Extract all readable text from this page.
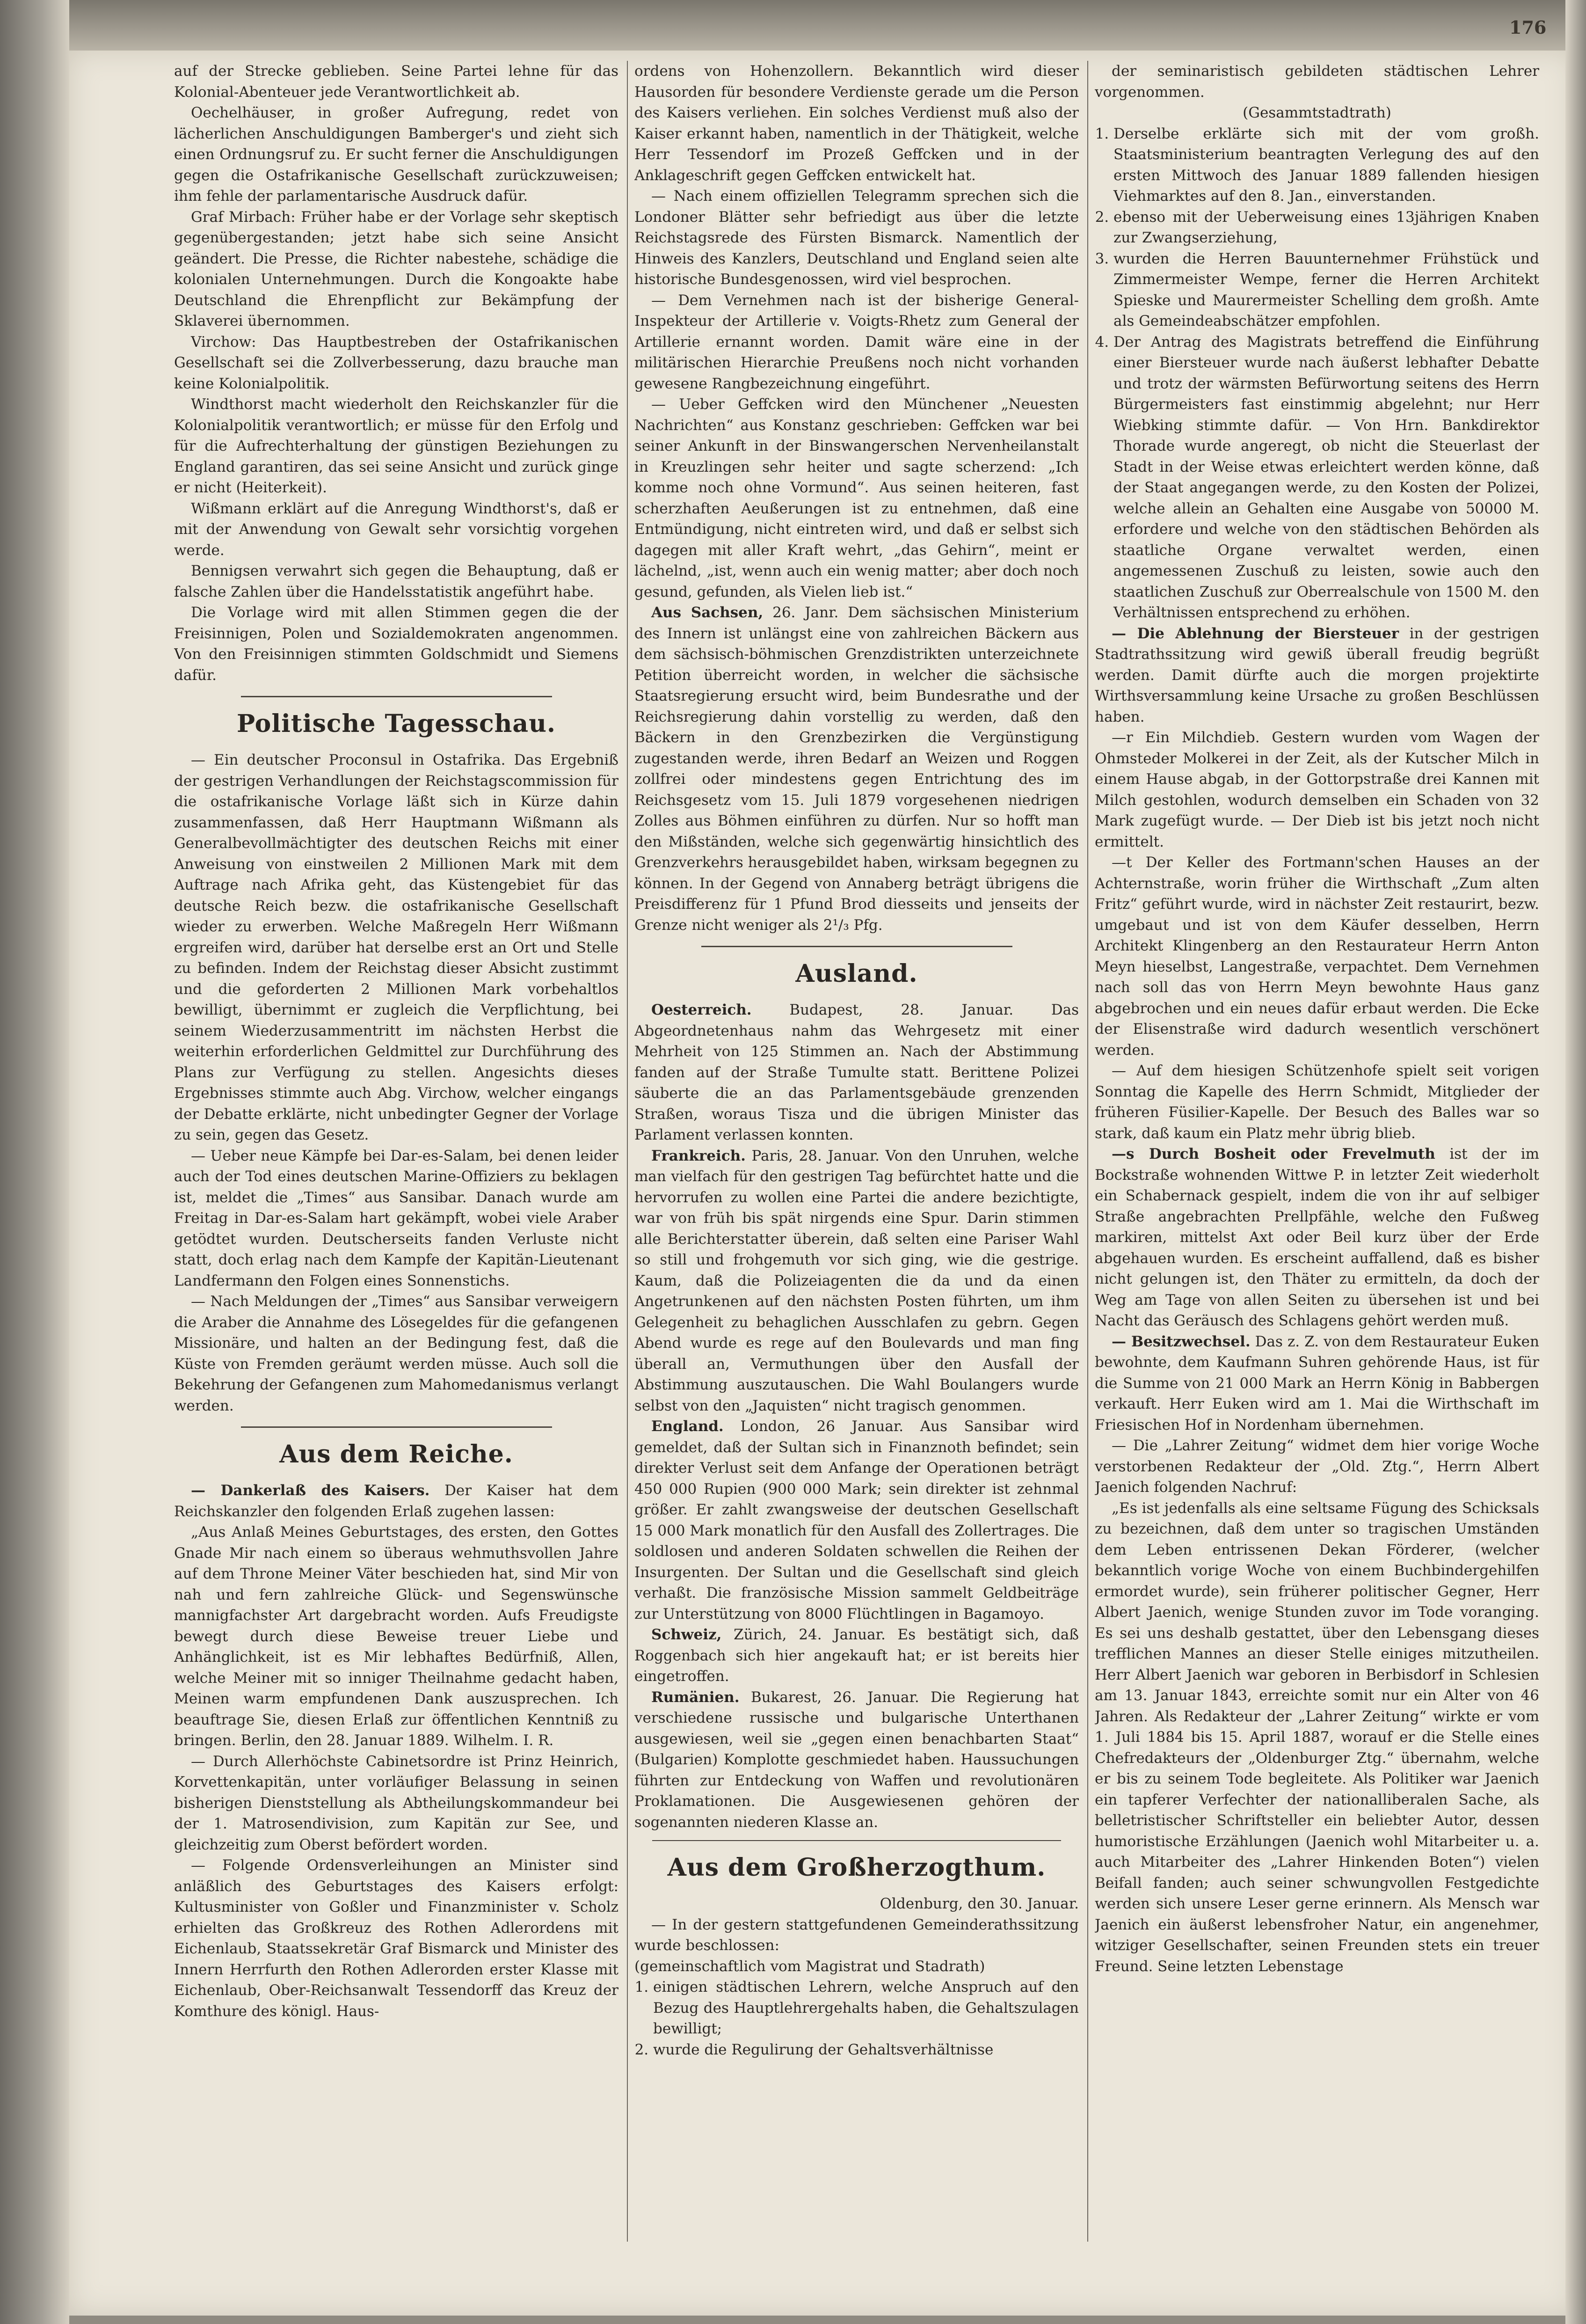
176

auf der Strecke geblieben. Seine Partei lehne für das Kolonial-Abenteuer jede Verantwortlichkeit ab.

Oechelhäuser, in großer Aufregung, redet von lächerlichen Anschuldigungen Bamberger's und zieht sich einen Ordnungsruf zu. Er sucht ferner die Anschuldigungen gegen die Ostafrikanische Gesellschaft zurückzuweisen; ihm fehle der parlamentarische Ausdruck dafür.

Graf Mirbach: Früher habe er der Vorlage sehr skeptisch gegenübergestanden; jetzt habe sich seine Ansicht geändert. Die Presse, die Richter nabestehe, schädige die kolonialen Unternehmungen. Durch die Kongoakte habe Deutschland die Ehrenpflicht zur Bekämpfung der Sklaverei übernommen.

Virchow: Das Hauptbestreben der Ostafrikanischen Gesellschaft sei die Zollverbesserung, dazu brauche man keine Kolonialpolitik.

Windthorst macht wiederholt den Reichskanzler für die Kolonialpolitik verantwortlich; er müsse für den Erfolg und für die Aufrechterhaltung der günstigen Beziehungen zu England garantiren, das sei seine Ansicht und zurück ginge er nicht (Heiterkeit).

Wißmann erklärt auf die Anregung Windthorst's, daß er mit der Anwendung von Gewalt sehr vorsichtig vorgehen werde.

Bennigsen verwahrt sich gegen die Behauptung, daß er falsche Zahlen über die Handelsstatistik angeführt habe.

Die Vorlage wird mit allen Stimmen gegen die der Freisinnigen, Polen und Sozialdemokraten angenommen. Von den Freisinnigen stimmten Goldschmidt und Siemens dafür.

Politische Tagesschau.

— Ein deutscher Proconsul in Ostafrika. Das Ergebniß der gestrigen Verhandlungen der Reichstagscommission für die ostafrikanische Vorlage läßt sich in Kürze dahin zusammenfassen, daß Herr Hauptmann Wißmann als Generalbevollmächtigter des deutschen Reichs mit einer Anweisung von einstweilen 2 Millionen Mark mit dem Auftrage nach Afrika geht, das Küstengebiet für das deutsche Reich bezw. die ostafrikanische Gesellschaft wieder zu erwerben. Welche Maßregeln Herr Wißmann ergreifen wird, darüber hat derselbe erst an Ort und Stelle zu befinden. Indem der Reichstag dieser Absicht zustimmt und die geforderten 2 Millionen Mark vorbehaltlos bewilligt, übernimmt er zugleich die Verpflichtung, bei seinem Wiederzusammentritt im nächsten Herbst die weiterhin erforderlichen Geldmittel zur Durchführung des Plans zur Verfügung zu stellen. Angesichts dieses Ergebnisses stimmte auch Abg. Virchow, welcher eingangs der Debatte erklärte, nicht unbedingter Gegner der Vorlage zu sein, gegen das Gesetz.

— Ueber neue Kämpfe bei Dar-es-Salam, bei denen leider auch der Tod eines deutschen Marine-Offiziers zu beklagen ist, meldet die „Times“ aus Sansibar. Danach wurde am Freitag in Dar-es-Salam hart gekämpft, wobei viele Araber getödtet wurden. Deutscherseits fanden Verluste nicht statt, doch erlag nach dem Kampfe der Kapitän-Lieutenant Landfermann den Folgen eines Sonnenstichs.

— Nach Meldungen der „Times“ aus Sansibar verweigern die Araber die Annahme des Lösegeldes für die gefangenen Missionäre, und halten an der Bedingung fest, daß die Küste von Fremden geräumt werden müsse. Auch soll die Bekehrung der Gefangenen zum Mahomedanismus verlangt werden.

Aus dem Reiche.

— Dankerlaß des Kaisers. Der Kaiser hat dem Reichskanzler den folgenden Erlaß zugehen lassen:

„Aus Anlaß Meines Geburtstages, des ersten, den Gottes Gnade Mir nach einem so überaus wehmuthsvollen Jahre auf dem Throne Meiner Väter beschieden hat, sind Mir von nah und fern zahlreiche Glück- und Segenswünsche mannigfachster Art dargebracht worden. Aufs Freudigste bewegt durch diese Beweise treuer Liebe und Anhänglichkeit, ist es Mir lebhaftes Bedürfniß, Allen, welche Meiner mit so inniger Theilnahme gedacht haben, Meinen warm empfundenen Dank auszusprechen. Ich beauftrage Sie, diesen Erlaß zur öffentlichen Kenntniß zu bringen. Berlin, den 28. Januar 1889. Wilhelm. I. R.

— Durch Allerhöchste Cabinetsordre ist Prinz Heinrich, Korvettenkapitän, unter vorläufiger Belassung in seinen bisherigen Dienststellung als Abtheilungskommandeur bei der 1. Matrosendivision, zum Kapitän zur See, und gleichzeitig zum Oberst befördert worden.

— Folgende Ordensverleihungen an Minister sind anläßlich des Geburtstages des Kaisers erfolgt: Kultusminister von Goßler und Finanzminister v. Scholz erhielten das Großkreuz des Rothen Adlerordens mit Eichenlaub, Staatssekretär Graf Bismarck und Minister des Innern Herrfurth den Rothen Adlerorden erster Klasse mit Eichenlaub, Ober-Reichsanwalt Tessendorff das Kreuz der Komthure des königl. Haus-

ordens von Hohenzollern. Bekanntlich wird dieser Hausorden für besondere Verdienste gerade um die Person des Kaisers verliehen. Ein solches Verdienst muß also der Kaiser erkannt haben, namentlich in der Thätigkeit, welche Herr Tessendorf im Prozeß Geffcken und in der Anklageschrift gegen Geffcken entwickelt hat.

— Nach einem offiziellen Telegramm sprechen sich die Londoner Blätter sehr befriedigt aus über die letzte Reichstagsrede des Fürsten Bismarck. Namentlich der Hinweis des Kanzlers, Deutschland und England seien alte historische Bundesgenossen, wird viel besprochen.

— Dem Vernehmen nach ist der bisherige General-Inspekteur der Artillerie v. Voigts-Rhetz zum General der Artillerie ernannt worden. Damit wäre eine in der militärischen Hierarchie Preußens noch nicht vorhanden gewesene Rangbezeichnung eingeführt.

— Ueber Geffcken wird den Münchener „Neuesten Nachrichten“ aus Konstanz geschrieben: Geffcken war bei seiner Ankunft in der Binswangerschen Nervenheilanstalt in Kreuzlingen sehr heiter und sagte scherzend: „Ich komme noch ohne Vormund“. Aus seinen heiteren, fast scherzhaften Aeußerungen ist zu entnehmen, daß eine Entmündigung, nicht eintreten wird, und daß er selbst sich dagegen mit aller Kraft wehrt, „das Gehirn“, meint er lächelnd, „ist, wenn auch ein wenig matter; aber doch noch gesund, gefunden, als Vielen lieb ist.“

Aus Sachsen, 26. Janr. Dem sächsischen Ministerium des Innern ist unlängst eine von zahlreichen Bäckern aus dem sächsisch-böhmischen Grenzdistrikten unterzeichnete Petition überreicht worden, in welcher die sächsische Staatsregierung ersucht wird, beim Bundesrathe und der Reichsregierung dahin vorstellig zu werden, daß den Bäckern in den Grenzbezirken die Vergünstigung zugestanden werde, ihren Bedarf an Weizen und Roggen zollfrei oder mindestens gegen Entrichtung des im Reichsgesetz vom 15. Juli 1879 vorgesehenen niedrigen Zolles aus Böhmen einführen zu dürfen. Nur so hofft man den Mißständen, welche sich gegenwärtig hinsichtlich des Grenzverkehrs herausgebildet haben, wirksam begegnen zu können. In der Gegend von Annaberg beträgt übrigens die Preisdifferenz für 1 Pfund Brod diesseits und jenseits der Grenze nicht weniger als 2¹/₃ Pfg.

Ausland.

Oesterreich. Budapest, 28. Januar. Das Abgeordnetenhaus nahm das Wehrgesetz mit einer Mehrheit von 125 Stimmen an. Nach der Abstimmung fanden auf der Straße Tumulte statt. Berittene Polizei säuberte die an das Parlamentsgebäude grenzenden Straßen, woraus Tisza und die übrigen Minister das Parlament verlassen konnten.

Frankreich. Paris, 28. Januar. Von den Unruhen, welche man vielfach für den gestrigen Tag befürchtet hatte und die hervorrufen zu wollen eine Partei die andere bezichtigte, war von früh bis spät nirgends eine Spur. Darin stimmen alle Berichterstatter überein, daß selten eine Pariser Wahl so still und frohgemuth vor sich ging, wie die gestrige. Kaum, daß die Polizeiagenten die da und da einen Angetrunkenen auf den nächsten Posten führten, um ihm Gelegenheit zu behaglichen Ausschlafen zu gebrn. Gegen Abend wurde es rege auf den Boulevards und man fing überall an, Vermuthungen über den Ausfall der Abstimmung auszutauschen. Die Wahl Boulangers wurde selbst von den „Jaquisten“ nicht tragisch genommen.

England. London, 26 Januar. Aus Sansibar wird gemeldet, daß der Sultan sich in Finanznoth befindet; sein direkter Verlust seit dem Anfange der Operationen beträgt 450 000 Rupien (900 000 Mark; sein direkter ist zehnmal größer. Er zahlt zwangsweise der deutschen Gesellschaft 15 000 Mark monatlich für den Ausfall des Zollertrages. Die soldlosen und anderen Soldaten schwellen die Reihen der Insurgenten. Der Sultan und die Gesellschaft sind gleich verhaßt. Die französische Mission sammelt Geldbeiträge zur Unterstützung von 8000 Flüchtlingen in Bagamoyo.

Schweiz, Zürich, 24. Januar. Es bestätigt sich, daß Roggenbach sich hier angekauft hat; er ist bereits hier eingetroffen.

Rumänien. Bukarest, 26. Januar. Die Regierung hat verschiedene russische und bulgarische Unterthanen ausgewiesen, weil sie „gegen einen benachbarten Staat“ (Bulgarien) Komplotte geschmiedet haben. Haussuchungen führten zur Entdeckung von Waffen und revolutionären Proklamationen. Die Ausgewiesenen gehören der sogenannten niederen Klasse an.

Aus dem Großherzogthum.

Oldenburg, den 30. Januar.

— In der gestern stattgefundenen Gemeinderathssitzung wurde beschlossen:

(gemeinschaftlich vom Magistrat und Stadrath)

1. einigen städtischen Lehrern, welche Anspruch auf den Bezug des Hauptlehrergehalts haben, die Gehaltszulagen bewilligt;
2. wurde die Regulirung der Gehaltsverhältnisse

der seminaristisch gebildeten städtischen Lehrer vorgenommen.

(Gesammtstadtrath)

1. Derselbe erklärte sich mit der vom großh. Staatsministerium beantragten Verlegung des auf den ersten Mittwoch des Januar 1889 fallenden hiesigen Viehmarktes auf den 8. Jan., einverstanden.
2. ebenso mit der Ueberweisung eines 13jährigen Knaben zur Zwangserziehung,
3. wurden die Herren Bauunternehmer Frühstück und Zimmermeister Wempe, ferner die Herren Architekt Spieske und Maurermeister Schelling dem großh. Amte als Gemeindeabschätzer empfohlen.
4. Der Antrag des Magistrats betreffend die Einführung einer Biersteuer wurde nach äußerst lebhafter Debatte und trotz der wärmsten Befürwortung seitens des Herrn Bürgermeisters fast einstimmig abgelehnt; nur Herr Wiebking stimmte dafür. — Von Hrn. Bankdirektor Thorade wurde angeregt, ob nicht die Steuerlast der Stadt in der Weise etwas erleichtert werden könne, daß der Staat angegangen werde, zu den Kosten der Polizei, welche allein an Gehalten eine Ausgabe von 50000 M. erfordere und welche von den städtischen Behörden als staatliche Organe verwaltet werden, einen angemessenen Zuschuß zu leisten, sowie auch den staatlichen Zuschuß zur Oberrealschule von 1500 M. den Verhältnissen entsprechend zu erhöhen.

— Die Ablehnung der Biersteuer in der gestrigen Stadtrathssitzung wird gewiß überall freudig begrüßt werden. Damit dürfte auch die morgen projektirte Wirthsversammlung keine Ursache zu großen Beschlüssen haben.

—r Ein Milchdieb. Gestern wurden vom Wagen der Ohmsteder Molkerei in der Zeit, als der Kutscher Milch in einem Hause abgab, in der Gottorpstraße drei Kannen mit Milch gestohlen, wodurch demselben ein Schaden von 32 Mark zugefügt wurde. — Der Dieb ist bis jetzt noch nicht ermittelt.

—t Der Keller des Fortmann'schen Hauses an der Achternstraße, worin früher die Wirthschaft „Zum alten Fritz“ geführt wurde, wird in nächster Zeit restaurirt, bezw. umgebaut und ist von dem Käufer desselben, Herrn Architekt Klingenberg an den Restaurateur Herrn Anton Meyn hieselbst, Langestraße, verpachtet. Dem Vernehmen nach soll das von Herrn Meyn bewohnte Haus ganz abgebrochen und ein neues dafür erbaut werden. Die Ecke der Elisenstraße wird dadurch wesentlich verschönert werden.

— Auf dem hiesigen Schützenhofe spielt seit vorigen Sonntag die Kapelle des Herrn Schmidt, Mitglieder der früheren Füsilier-Kapelle. Der Besuch des Balles war so stark, daß kaum ein Platz mehr übrig blieb.

—s Durch Bosheit oder Frevelmuth ist der im Bockstraße wohnenden Wittwe P. in letzter Zeit wiederholt ein Schabernack gespielt, indem die von ihr auf selbiger Straße angebrachten Prellpfähle, welche den Fußweg markiren, mittelst Axt oder Beil kurz über der Erde abgehauen wurden. Es erscheint auffallend, daß es bisher nicht gelungen ist, den Thäter zu ermitteln, da doch der Weg am Tage von allen Seiten zu übersehen ist und bei Nacht das Geräusch des Schlagens gehört werden muß.

— Besitzwechsel. Das z. Z. von dem Restaurateur Euken bewohnte, dem Kaufmann Suhren gehörende Haus, ist für die Summe von 21 000 Mark an Herrn König in Babbergen verkauft. Herr Euken wird am 1. Mai die Wirthschaft im Friesischen Hof in Nordenham übernehmen.

— Die „Lahrer Zeitung“ widmet dem hier vorige Woche verstorbenen Redakteur der „Old. Ztg.“, Herrn Albert Jaenich folgenden Nachruf:

„Es ist jedenfalls als eine seltsame Fügung des Schicksals zu bezeichnen, daß dem unter so tragischen Umständen dem Leben entrissenen Dekan Förderer, (welcher bekanntlich vorige Woche von einem Buchbindergehilfen ermordet wurde), sein früherer politischer Gegner, Herr Albert Jaenich, wenige Stunden zuvor im Tode voranging. Es sei uns deshalb gestattet, über den Lebensgang dieses trefflichen Mannes an dieser Stelle einiges mitzutheilen. Herr Albert Jaenich war geboren in Berbisdorf in Schlesien am 13. Januar 1843, erreichte somit nur ein Alter von 46 Jahren. Als Redakteur der „Lahrer Zeitung“ wirkte er vom 1. Juli 1884 bis 15. April 1887, worauf er die Stelle eines Chefredakteurs der „Oldenburger Ztg.“ übernahm, welche er bis zu seinem Tode begleitete. Als Politiker war Jaenich ein tapferer Verfechter der nationalliberalen Sache, als belletristischer Schriftsteller ein beliebter Autor, dessen humoristische Erzählungen (Jaenich wohl Mitarbeiter u. a. auch Mitarbeiter des „Lahrer Hinkenden Boten“) vielen Beifall fanden; auch seiner schwungvollen Festgedichte werden sich unsere Leser gerne erinnern. Als Mensch war Jaenich ein äußerst lebensfroher Natur, ein angenehmer, witziger Gesellschafter, seinen Freunden stets ein treuer Freund. Seine letzten Lebenstage
